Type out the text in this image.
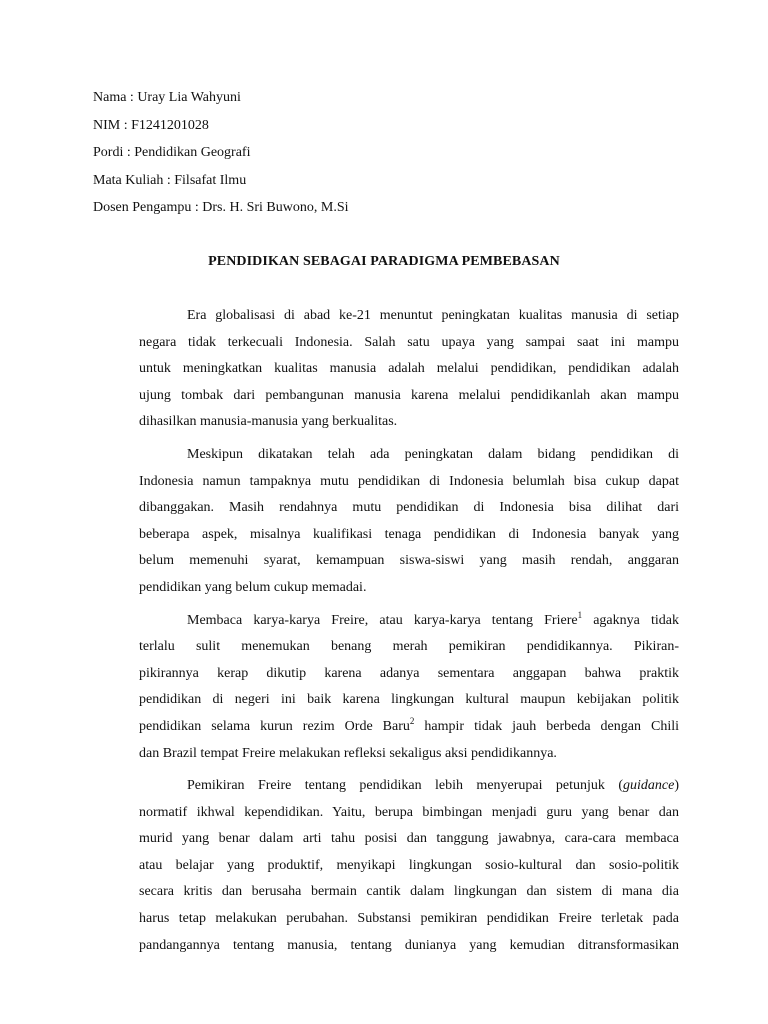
Nama : Uray Lia Wahyuni
NIM : F1241201028
Pordi : Pendidikan Geografi
Mata Kuliah : Filsafat Ilmu
Dosen Pengampu : Drs. H. Sri Buwono, M.Si
PENDIDIKAN SEBAGAI PARADIGMA PEMBEBASAN
Era globalisasi di abad ke-21 menuntut peningkatan kualitas manusia di setiap
negara tidak terkecuali Indonesia. Salah satu upaya yang sampai saat ini mampu
untuk meningkatkan kualitas manusia adalah melalui pendidikan, pendidikan adalah
ujung tombak dari pembangunan manusia karena melalui pendidikanlah akan mampu
dihasilkan manusia-manusia yang berkualitas.
Meskipun dikatakan telah ada peningkatan dalam bidang pendidikan di
Indonesia namun tampaknya mutu pendidikan di Indonesia belumlah bisa cukup dapat
dibanggakan. Masih rendahnya mutu pendidikan di Indonesia bisa dilihat dari
beberapa aspek, misalnya kualifikasi tenaga pendidikan di Indonesia banyak yang
belum memenuhi syarat, kemampuan siswa-siswi yang masih rendah, anggaran
pendidikan yang belum cukup memadai.
Membaca karya-karya Freire, atau karya-karya tentang Friere$^1$ agaknya tidak
terlalu sulit menemukan benang merah pemikiran pendidikannya. Pikiran-
pikirannya kerap dikutip karena adanya sementara anggapan bahwa praktik
pendidikan di negeri ini baik karena lingkungan kultural maupun kebijakan politik
pendidikan selama kurun rezim Orde Baru$^2$ hampir tidak jauh berbeda dengan Chili
dan Brazil tempat Freire melakukan refleksi sekaligus aksi pendidikannya.
Pemikiran Freire tentang pendidikan lebih menyerupai petunjuk (guidance)
normatif ikhwal kependidikan. Yaitu, berupa bimbingan menjadi guru yang benar dan
murid yang benar dalam arti tahu posisi dan tanggung jawabnya, cara-cara membaca
atau belajar yang produktif, menyikapi lingkungan sosio-kultural dan sosio-politik
secara kritis dan berusaha bermain cantik dalam lingkungan dan sistem di mana dia
harus tetap melakukan perubahan. Substansi pemikiran pendidikan Freire terletak pada
pandangannya tentang manusia, tentang dunianya yang kemudian ditransformasikan
